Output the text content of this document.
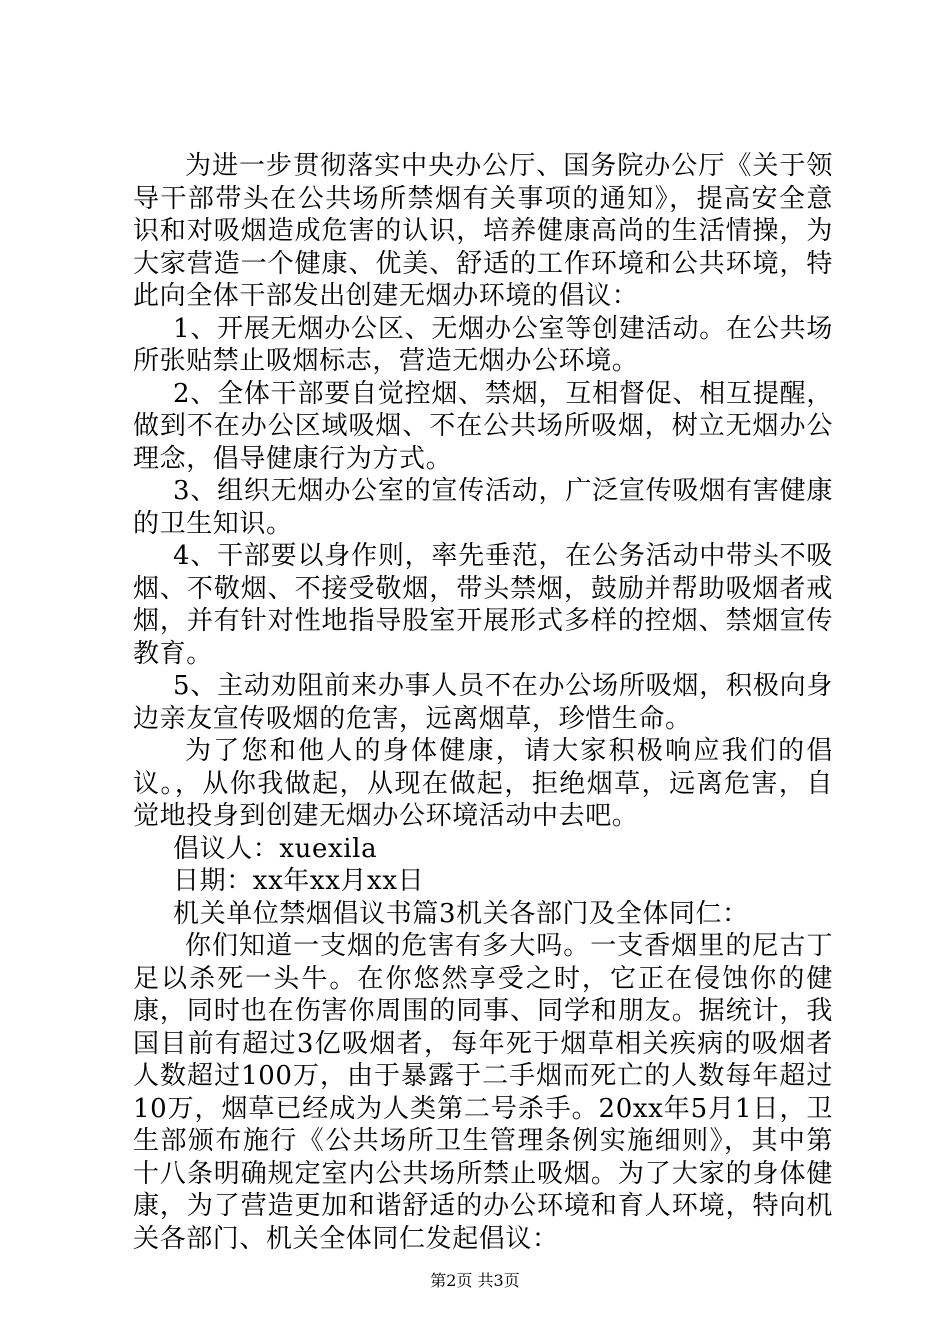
为进一步贯彻落实中央办公厅、国务院办公厅《关于领导干部带头在公共场所禁烟有关事项的通知》，提高安全意识和对吸烟造成危害的认识，培养健康高尚的生活情操，为大家营造一个健康、优美、舒适的工作环境和公共环境，特此向全体干部发出创建无烟办环境的倡议：

1、开展无烟办公区、无烟办公室等创建活动。在公共场所张贴禁止吸烟标志，营造无烟办公环境。

2、全体干部要自觉控烟、禁烟，互相督促、相互提醒，做到不在办公区域吸烟、不在公共场所吸烟，树立无烟办公理念，倡导健康行为方式。

3、组织无烟办公室的宣传活动，广泛宣传吸烟有害健康的卫生知识。

4、干部要以身作则，率先垂范，在公务活动中带头不吸烟、不敬烟、不接受敬烟，带头禁烟，鼓励并帮助吸烟者戒烟，并有针对性地指导股室开展形式多样的控烟、禁烟宣传教育。

5、主动劝阻前来办事人员不在办公场所吸烟，积极向身边亲友宣传吸烟的危害，远离烟草，珍惜生命。

为了您和他人的身体健康，请大家积极响应我们的倡议。，从你我做起，从现在做起，拒绝烟草，远离危害，自觉地投身到创建无烟办公环境活动中去吧。

倡议人：xuexila

日期：xx年xx月xx日

机关单位禁烟倡议书篇3机关各部门及全体同仁：

你们知道一支烟的危害有多大吗。一支香烟里的尼古丁足以杀死一头牛。在你悠然享受之时，它正在侵蚀你的健康，同时也在伤害你周围的同事、同学和朋友。据统计，我国目前有超过3亿吸烟者，每年死于烟草相关疾病的吸烟者人数超过100万，由于暴露于二手烟而死亡的人数每年超过10万，烟草已经成为人类第二号杀手。20xx年5月1日，卫生部颁布施行《公共场所卫生管理条例实施细则》，其中第十八条明确规定室内公共场所禁止吸烟。为了大家的身体健康，为了营造更加和谐舒适的办公环境和育人环境，特向机关各部门、机关全体同仁发起倡议：

第2页 共3页
